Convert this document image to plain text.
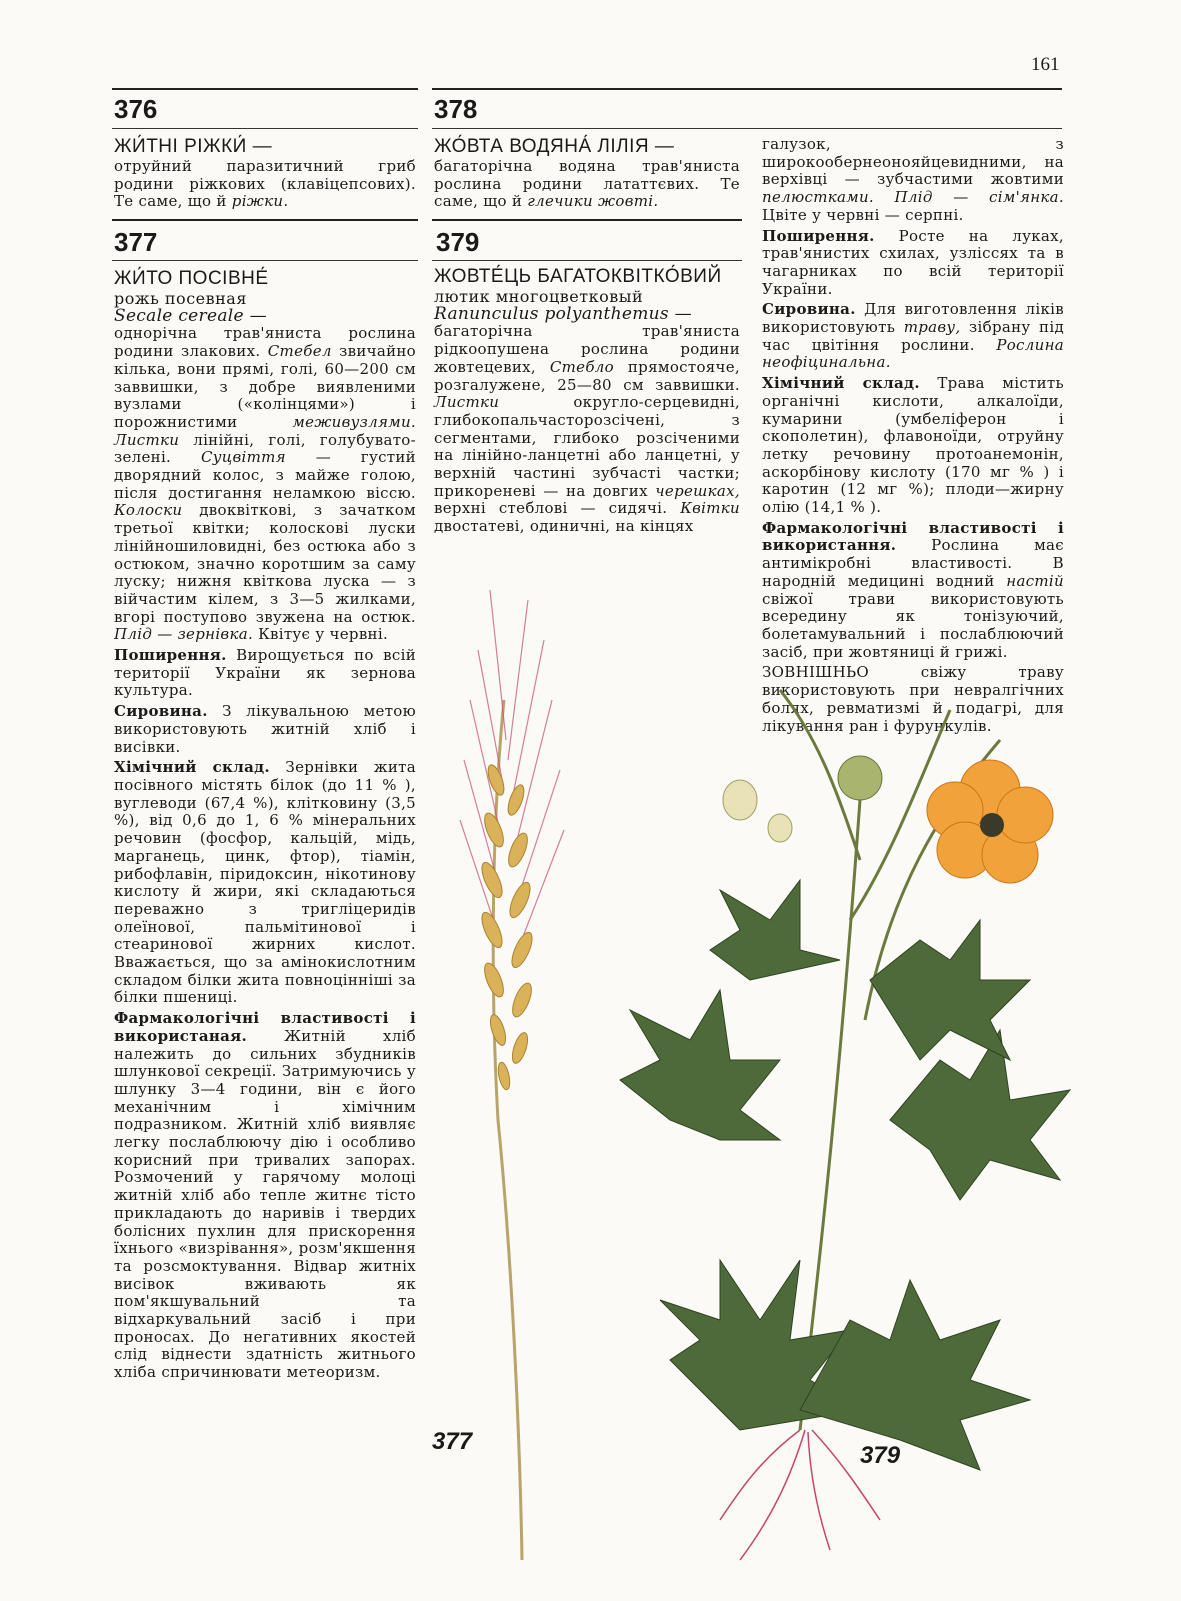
161
376
ЖИ́ТНІ РІЖКИ́ —

отруйний паразитичний гриб родини ріжкових (клавіцепсових). Те саме, що й ріжки.

377
ЖИ́ТО ПОСІВНЕ́
рожь посевная
Secale cereale —

однорічна трав'яниста рослина родини злакових. Стебел звичайно кілька, вони прямі, голі, 60—200 см заввишки, з добре виявленими вузлами («колінцями») і порожнистими меживузлями. Листки лінійні, голі, голубувато-зелені. Суцвіття — густий дворядний колос, з майже голою, після достигання неламкою віссю. Колоски двоквіткові, з зачатком третьої квітки; колоскові луски лінійношиловидні, без остюка або з остюком, значно коротшим за саму луску; нижня квіткова луска — з війчастим кілем, з 3—5 жилками, вгорі поступово звужена на остюк. Плід — зернівка. Квітує у червні.

Поширення. Вирощується по всій території України як зернова культура.

Сировина. З лікувальною метою використовують житній хліб і висівки.

Хімічний склад. Зернівки жита посівного містять білок (до 11 % ), вуглеводи (67,4 %), клітковину (3,5 %), від 0,6 до 1, 6 % мінеральних речовин (фосфор, кальцій, мідь, марганець, цинк, фтор), тіамін, рибофлавін, піридоксин, нікотинову кислоту й жири, які складаються переважно з тригліцеридів олеїнової, пальмітинової і стеаринової жирних кислот. Вважається, що за амінокислотним складом білки жита повноцінніші за білки пшениці.

Фармакологічні властивості і використаная. Житній хліб належить до сильних збудників шлункової секреції. Затримуючись у шлунку 3—4 години, він є його механічним і хімічним подразником. Житній хліб виявляє легку послаблюючу дію і особливо корисний при тривалих запорах. Розмочений у гарячому молоці житній хліб або тепле житнє тісто прикладають до наривів і твердих болісних пухлин для прискорення їхнього «визрівання», розм'якшення та розсмоктування. Відвар житніх висівок вживають як пом'якшувальний та відхаркувальний засіб і при проносах. До негативних якостей слід віднести здатність житнього хліба спричинювати метеоризм.

378
ЖО́ВТА ВОДЯНА́ ЛІЛІЯ —

багаторічна водяна трав'яниста рослина родини лататтєвих. Те саме, що й глечики жовті.

379
ЖОВТЕ́ЦЬ БАГАТОКВІТКО́ВИЙ
лютик многоцветковый
Ranunculus polyanthemus —

багаторічна трав'яниста рідкоопушена рослина родини жовтецевих, Стебло прямостояче, розгалужене, 25—80 см заввишки. Листки округло-серцевидні, глибокопальчасторозсічені, з сегментами, глибоко розсіченими на лінійно-ланцетні або ланцетні, у верхній частині зубчасті частки; прикореневі — на довгих черешках, верхні стеблові — сидячі. Квітки двостатеві, одиничні, на кінцях

галузок, з широкообернеонояйцевидними, на верхівці — зубчастими жовтими пелюстками. Плід — сім'янка. Цвіте у червні — серпні.

Поширення. Росте на луках, трав'янистих схилах, узліссях та в чагарниках по всій території України.

Сировина. Для виготовлення ліків використовують траву, зібрану під час цвітіння рослини. Рослина неофіцинальна.

Хімічний склад. Трава містить органічні кислоти, алкалоїди, кумарини (умбеліферон і скополетин), флавоноїди, отруйну летку речовину протоанемонін, аскорбінову кислоту (170 мг % ) і каротин (12 мг %); плоди—жирну олію (14,1 % ).

Фармакологічні властивості і використання. Рослина має антимікробні властивості. В народній медицині водний настій свіжої трави використовують всередину як тонізуючий, болетамувальний і послаблюючий засіб, при жовтяниці й грижі.

ЗОВНІШНЬО свіжу траву використовують при невралгічних болях, ревматизмі й подагрі, для лікування ран і фурункулів.

377
379
